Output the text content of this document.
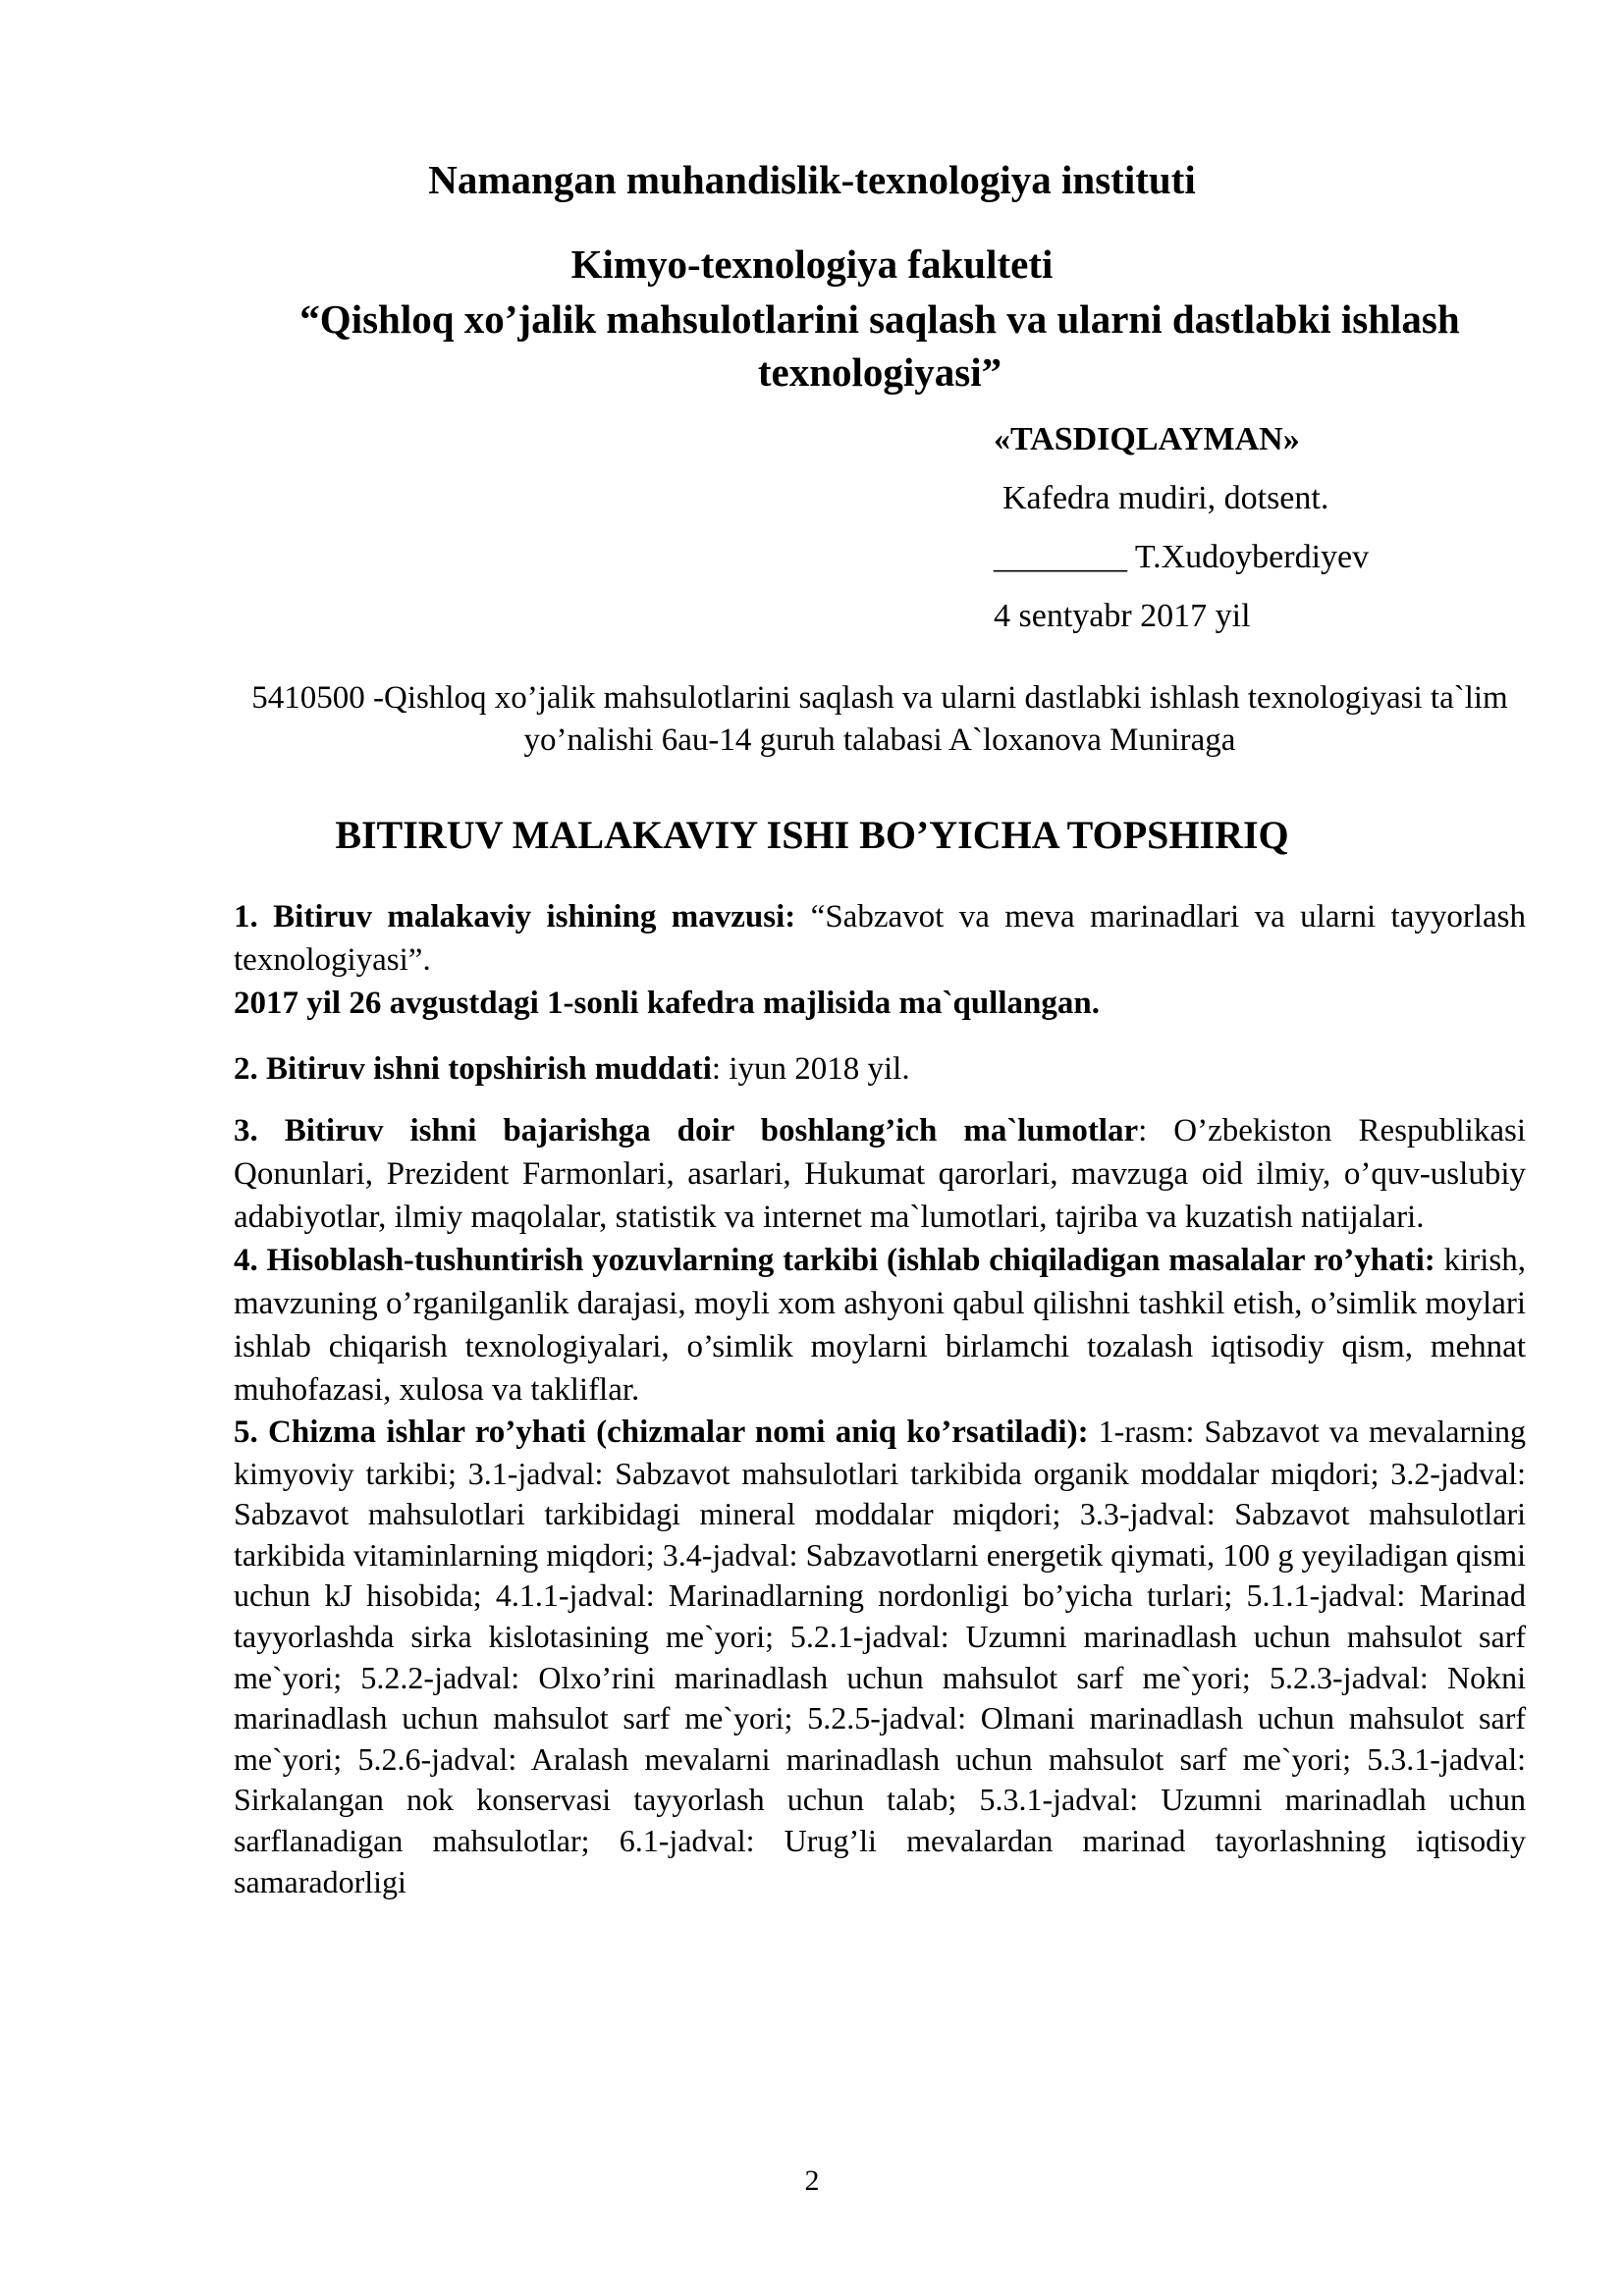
Namangan muhandislik-texnologiya instituti
Kimyo-texnologiya fakulteti
“Qishloq xo’jalik mahsulotlarini saqlash va ularni dastlabki ishlash texnologiyasi”
«TASDIQLAYMAN»
Kafedra mudiri, dotsent.
________ T.Xudoyberdiyev
4 sentyabr 2017 yil
5410500 -Qishloq xo’jalik mahsulotlarini saqlash va ularni dastlabki ishlash texnologiyasi ta`lim yo’nalishi 6au-14 guruh talabasi A`loxanova Muniraga
BITIRUV MALAKAVIY ISHI BO’YICHA TOPSHIRIQ

1. Bitiruv malakaviy ishining mavzusi: “Sabzavot va meva marinadlari va ularni tayyorlash texnologiyasi”.

2017 yil 26 avgustdagi 1-sonli kafedra majlisida ma`qullangan.

2. Bitiruv ishni topshirish muddati: iyun 2018 yil.

3. Bitiruv ishni bajarishga doir boshlang’ich ma`lumotlar: O’zbekiston Respublikasi Qonunlari, Prezident Farmonlari, asarlari, Hukumat qarorlari, mavzuga oid ilmiy, o’quv-uslubiy adabiyotlar, ilmiy maqolalar, statistik va internet ma`lumotlari, tajriba va kuzatish natijalari.

4. Hisoblash-tushuntirish yozuvlarning tarkibi (ishlab chiqiladigan masalalar ro’yhati: kirish, mavzuning o’rganilganlik darajasi, moyli xom ashyoni qabul qilishni tashkil etish, o’simlik moylari ishlab chiqarish texnologiyalari, o’simlik moylarni birlamchi tozalash iqtisodiy qism, mehnat muhofazasi, xulosa va takliflar.

5. Chizma ishlar ro’yhati (chizmalar nomi aniq ko’rsatiladi): 1-rasm: Sabzavot va mevalarning kimyoviy tarkibi; 3.1-jadval: Sabzavot mahsulotlari tarkibida organik moddalar miqdori; 3.2-jadval: Sabzavot mahsulotlari tarkibidagi mineral moddalar miqdori; 3.3-jadval: Sabzavot mahsulotlari tarkibida vitaminlarning miqdori; 3.4-jadval: Sabzavotlarni energetik qiymati, 100 g yeyiladigan qismi uchun kJ hisobida; 4.1.1-jadval: Marinadlarning nordonligi bo’yicha turlari; 5.1.1-jadval: Marinad tayyorlashda sirka kislotasining me`yori; 5.2.1-jadval: Uzumni marinadlash uchun mahsulot sarf me`yori; 5.2.2-jadval: Olxo’rini marinadlash uchun mahsulot sarf me`yori; 5.2.3-jadval: Nokni marinadlash uchun mahsulot sarf me`yori; 5.2.5-jadval: Olmani marinadlash uchun mahsulot sarf me`yori; 5.2.6-jadval: Aralash mevalarni marinadlash uchun mahsulot sarf me`yori; 5.3.1-jadval: Sirkalangan nok konservasi tayyorlash uchun talab; 5.3.1-jadval: Uzumni marinadlah uchun sarflanadigan mahsulotlar; 6.1-jadval: Urug’li mevalardan marinad tayorlashning iqtisodiy samaradorligi

2
